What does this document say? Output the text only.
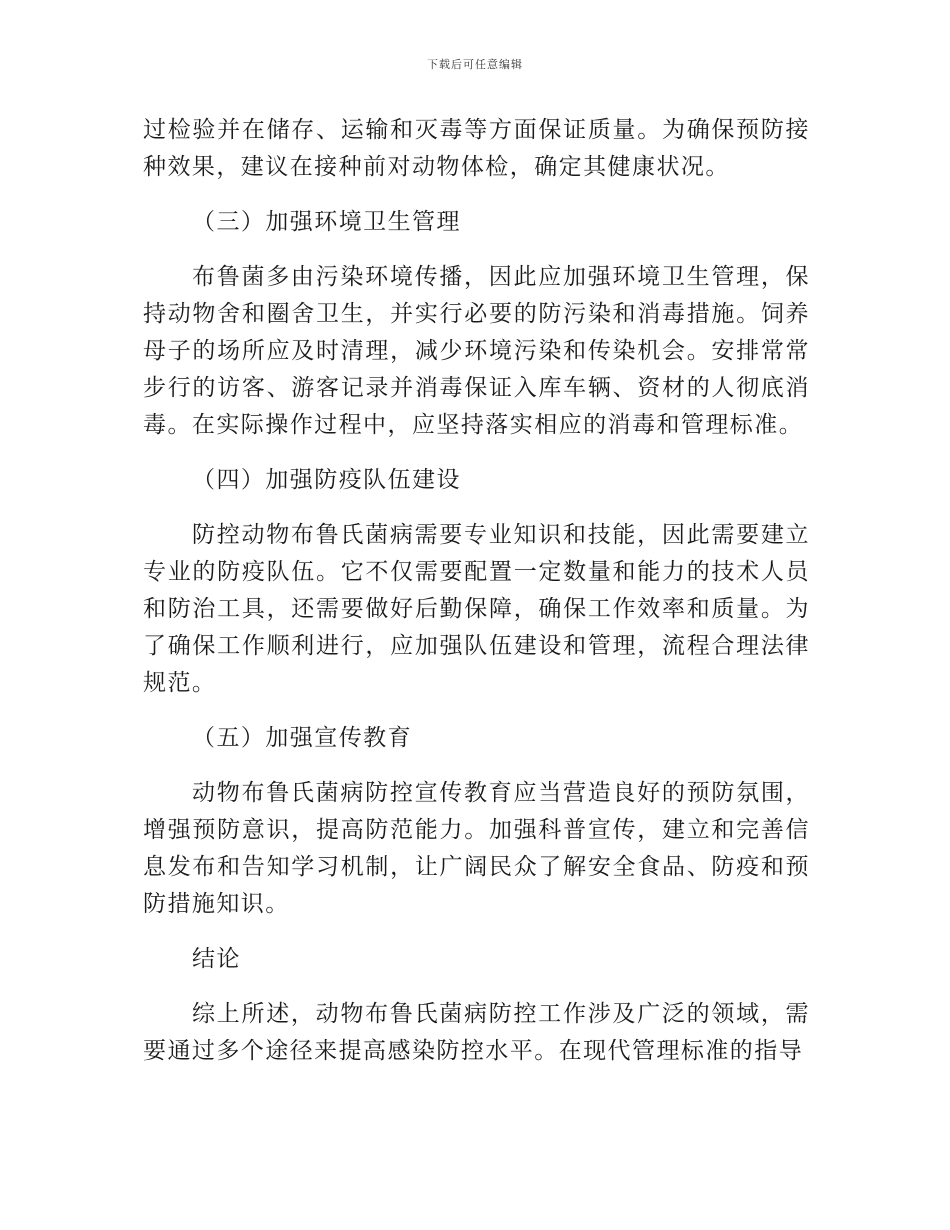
下载后可任意编辑

过检验并在储存、运输和灭毒等方面保证质量。为确保预防接种效果，建议在接种前对动物体检，确定其健康状况。

（三）加强环境卫生管理

布鲁菌多由污染环境传播，因此应加强环境卫生管理，保持动物舍和圈舍卫生，并实行必要的防污染和消毒措施。饲养母子的场所应及时清理，减少环境污染和传染机会。安排常常步行的访客、游客记录并消毒保证入库车辆、资材的人彻底消毒。在实际操作过程中，应坚持落实相应的消毒和管理标准。

（四）加强防疫队伍建设

防控动物布鲁氏菌病需要专业知识和技能，因此需要建立专业的防疫队伍。它不仅需要配置一定数量和能力的技术人员和防治工具，还需要做好后勤保障，确保工作效率和质量。为了确保工作顺利进行，应加强队伍建设和管理，流程合理法律规范。

（五）加强宣传教育

动物布鲁氏菌病防控宣传教育应当营造良好的预防氛围，增强预防意识，提高防范能力。加强科普宣传，建立和完善信息发布和告知学习机制，让广阔民众了解安全食品、防疫和预防措施知识。

结论

综上所述，动物布鲁氏菌病防控工作涉及广泛的领域，需要通过多个途径来提高感染防控水平。在现代管理标准的指导
